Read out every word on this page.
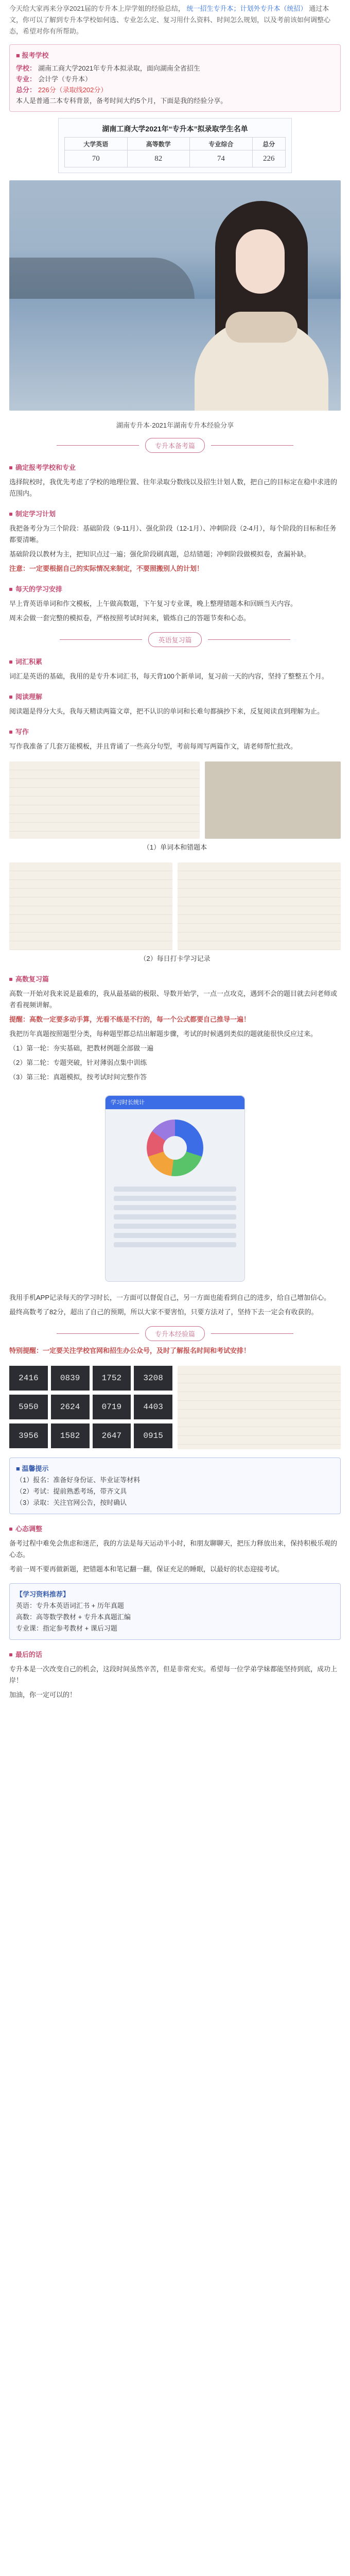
今天给大家再来分享2021届的专升本上岸学姐的经验总结， 统一招生专升本；计划外专升本（统招） 通过本文，你可以了解到专升本学校如何选、专业怎么定、复习用什么资料、时间怎么规划，以及考前该如何调整心态，希望对你有所帮助。

■ 报考学校
学校： 湖南工商大学2021年专升本拟录取，面向湖南全省招生
专业： 会计学（专升本）
总分： 226分（录取线202分）
本人是普通二本专科背景，备考时间大约5个月，下面是我的经验分享。
湖南工商大学2021年“专升本”拟录取学生名单
大学英语	高等数学	专业综合	总分
70	82	74	226

湖南专升本·2021年湖南专升本经验分享

专升本备考篇
确定报考学校和专业
选择院校时，我优先考虑了学校的地理位置、往年录取分数线以及招生计划人数，把自己的目标定在稳中求进的范围内。
制定学习计划
我把备考分为三个阶段：基础阶段（9-11月）、强化阶段（12-1月）、冲刺阶段（2-4月），每个阶段的目标和任务都要清晰。
基础阶段以教材为主，把知识点过一遍；强化阶段刷真题，总结错题；冲刺阶段做模拟卷，查漏补缺。
注意：一定要根据自己的实际情况来制定，不要照搬别人的计划！
每天的学习安排
早上背英语单词和作文模板，上午做高数题，下午复习专业课，晚上整理错题本和回顾当天内容。
周末会做一套完整的模拟卷，严格按照考试时间来，锻炼自己的答题节奏和心态。
英语复习篇
词汇积累
词汇是英语的基础，我用的是专升本词汇书，每天背100个新单词，复习前一天的内容，坚持了整整五个月。
阅读理解
阅读题是得分大头，我每天精读两篇文章，把不认识的单词和长难句都摘抄下来，反复阅读直到理解为止。
写作
写作我准备了几套万能模板，并且背诵了一些高分句型，考前每周写两篇作文，请老师帮忙批改。
（1）单词本和错题本
（2）每日打卡学习记录
高数复习篇
高数一开始对我来说是最难的，我从最基础的极限、导数开始学，一点一点攻克，遇到不会的题目就去问老师或者看视频讲解。
提醒：高数一定要多动手算，光看不练是不行的，每一个公式都要自己推导一遍！
我把历年真题按照题型分类，每种题型都总结出解题步骤，考试的时候遇到类似的题就能很快反应过来。
（1）第一轮：夯实基础，把教材例题全部做一遍
（2）第二轮：专题突破，针对薄弱点集中训练
（3）第三轮：真题模拟，按考试时间完整作答
学习时长统计
我用手机APP记录每天的学习时长，一方面可以督促自己，另一方面也能看到自己的进步，给自己增加信心。
最终高数考了82分，超出了自己的预期，所以大家不要害怕，只要方法对了，坚持下去一定会有收获的。
专升本经验篇
特别提醒：一定要关注学校官网和招生办公众号，及时了解报名时间和考试安排！
2416	0839	1752	3208
5950	2624	0719	4403
3956	1582	2647	0915
■ 温馨提示
（1）报名：准备好身份证、毕业证等材料
（2）考试：提前熟悉考场，带齐文具
（3）录取：关注官网公告，按时确认
心态调整
备考过程中难免会焦虑和迷茫，我的方法是每天运动半小时，和朋友聊聊天，把压力释放出来，保持积极乐观的心态。
考前一周不要再做新题，把错题本和笔记翻一翻，保证充足的睡眠，以最好的状态迎接考试。
【学习资料推荐】
英语：专升本英语词汇书 + 历年真题
高数：高等数学教材 + 专升本真题汇编
专业课：指定参考教材 + 课后习题
最后的话
专升本是一次改变自己的机会，这段时间虽然辛苦，但是非常充实。希望每一位学弟学妹都能坚持到底，成功上岸！
加油，你一定可以的！
